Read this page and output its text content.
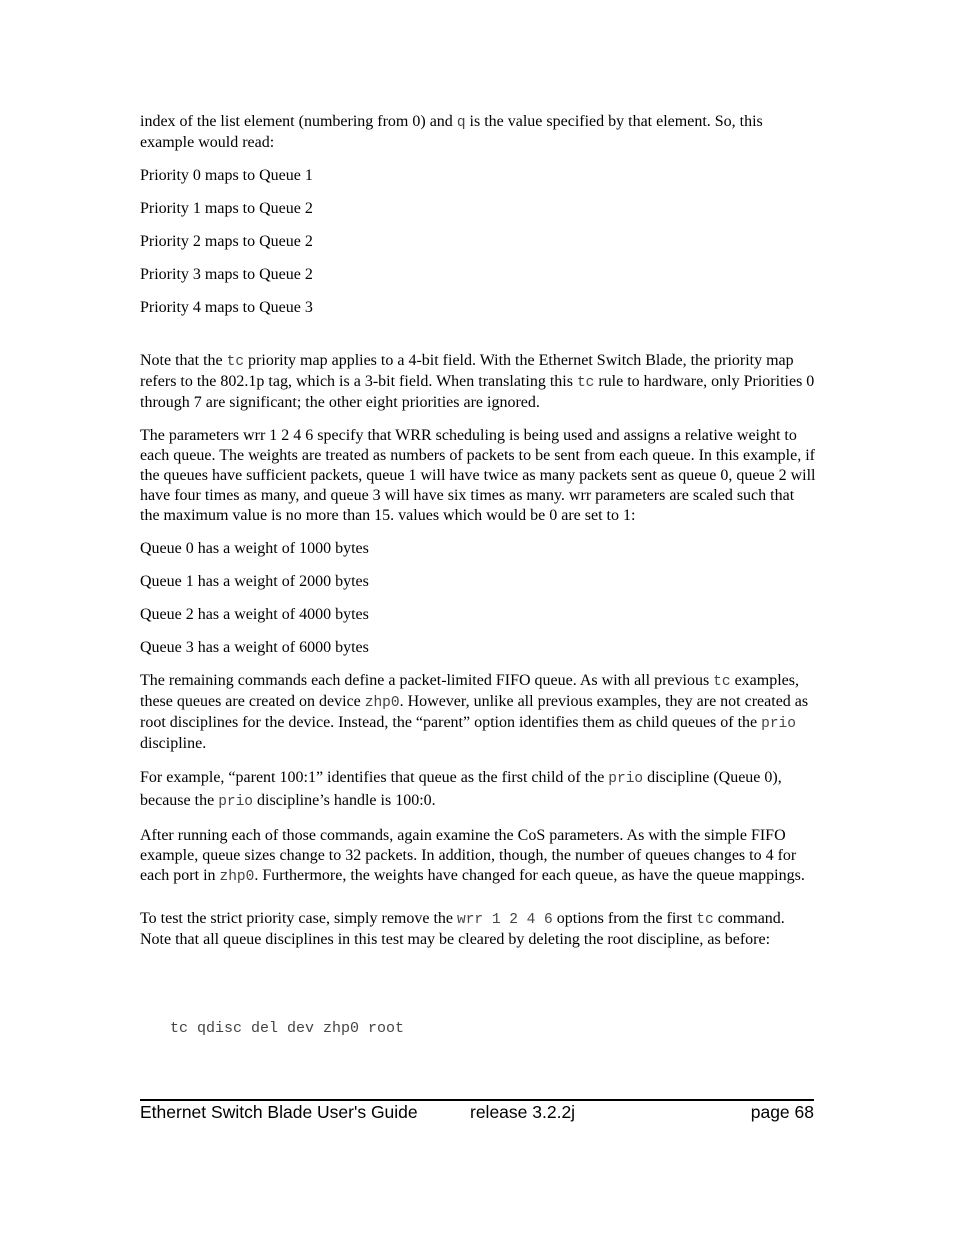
index of the list element (numbering from 0) and q is the value specified by that element. So, this example would read:

Priority 0 maps to Queue 1

Priority 1 maps to Queue 2

Priority 2 maps to Queue 2

Priority 3 maps to Queue 2

Priority 4 maps to Queue 3

Note that the tc priority map applies to a 4-bit field. With the Ethernet Switch Blade, the priority map refers to the 802.1p tag, which is a 3-bit field. When translating this tc rule to hardware, only Priorities 0 through 7 are significant; the other eight priorities are ignored.

The parameters wrr 1 2 4 6 specify that WRR scheduling is being used and assigns a relative weight to each queue. The weights are treated as numbers of packets to be sent from each queue. In this example, if the queues have sufficient packets, queue 1 will have twice as many packets sent as queue 0, queue 2 will have four times as many, and queue 3 will have six times as many. wrr parameters are scaled such that the maximum value is no more than 15. values which would be 0 are set to 1:

Queue 0 has a weight of 1000 bytes

Queue 1 has a weight of 2000 bytes

Queue 2 has a weight of 4000 bytes

Queue 3 has a weight of 6000 bytes

The remaining commands each define a packet-limited FIFO queue. As with all previous tc examples, these queues are created on device zhp0. However, unlike all previous examples, they are not created as root disciplines for the device. Instead, the “parent” option identifies them as child queues of the prio discipline.

For example, “parent 100:1” identifies that queue as the first child of the prio discipline (Queue 0), because the prio discipline’s handle is 100:0.

After running each of those commands, again examine the CoS parameters. As with the simple FIFO example, queue sizes change to 32 packets. In addition, though, the number of queues changes to 4 for each port in zhp0. Furthermore, the weights have changed for each queue, as have the queue mappings.

To test the strict priority case, simply remove the wrr 1 2 4 6 options from the first tc command. Note that all queue disciplines in this test may be cleared by deleting the root discipline, as before:

tc qdisc del dev zhp0 root
Ethernet Switch Blade User's Guide	release 3.2.2j	page 68
